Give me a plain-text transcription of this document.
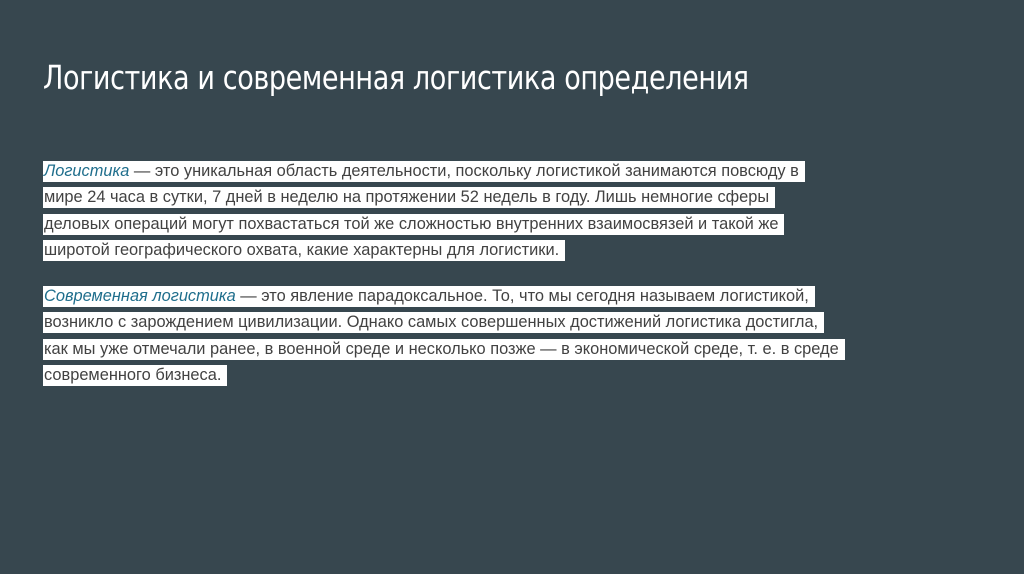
Логистика и современная логистика определения
Логистика — это уникальная область деятельности, поскольку логистикой занимаются повсюду в
мире 24 часа в сутки, 7 дней в неделю на протяжении 52 недель в году. Лишь немногие сферы
деловых операций могут похвастаться той же сложностью внутренних взаимосвязей и такой же
широтой географического охвата, какие характерны для логистики.
Современная логистика — это явление парадоксальное. То, что мы сегодня называем логистикой,
возникло с зарождением цивилизации. Однако самых совершенных достижений логистика достигла,
как мы уже отмечали ранее, в военной среде и несколько позже — в экономической среде, т. е. в среде
современного бизнеса.
